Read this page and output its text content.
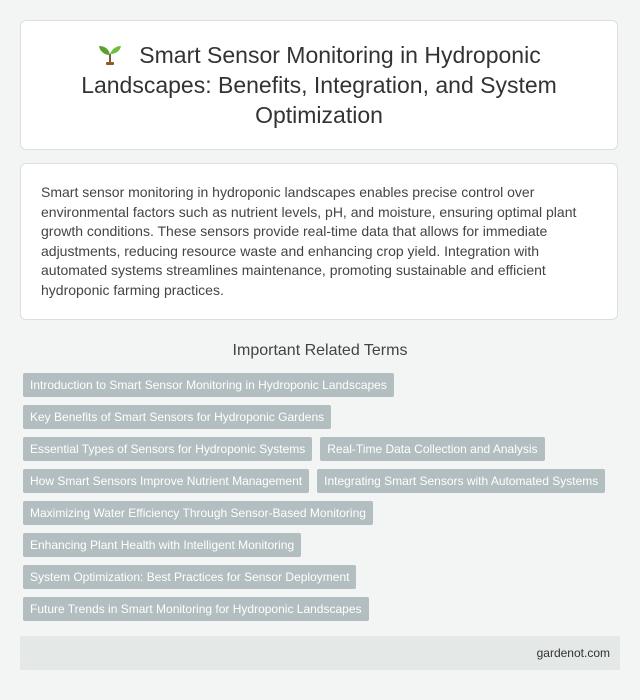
Smart Sensor Monitoring in Hydroponic Landscapes: Benefits, Integration, and System Optimization

Smart sensor monitoring in hydroponic landscapes enables precise control over environmental factors such as nutrient levels, pH, and moisture, ensuring optimal plant growth conditions. These sensors provide real-time data that allows for immediate adjustments, reducing resource waste and enhancing crop yield. Integration with automated systems streamlines maintenance, promoting sustainable and efficient hydroponic farming practices.

Important Related Terms
Introduction to Smart Sensor Monitoring in Hydroponic Landscapes
Key Benefits of Smart Sensors for Hydroponic Gardens
Essential Types of Sensors for Hydroponic Systems	Real-Time Data Collection and Analysis
How Smart Sensors Improve Nutrient Management	Integrating Smart Sensors with Automated Systems
Maximizing Water Efficiency Through Sensor-Based Monitoring
Enhancing Plant Health with Intelligent Monitoring
System Optimization: Best Practices for Sensor Deployment
Future Trends in Smart Monitoring for Hydroponic Landscapes
gardenot.com
